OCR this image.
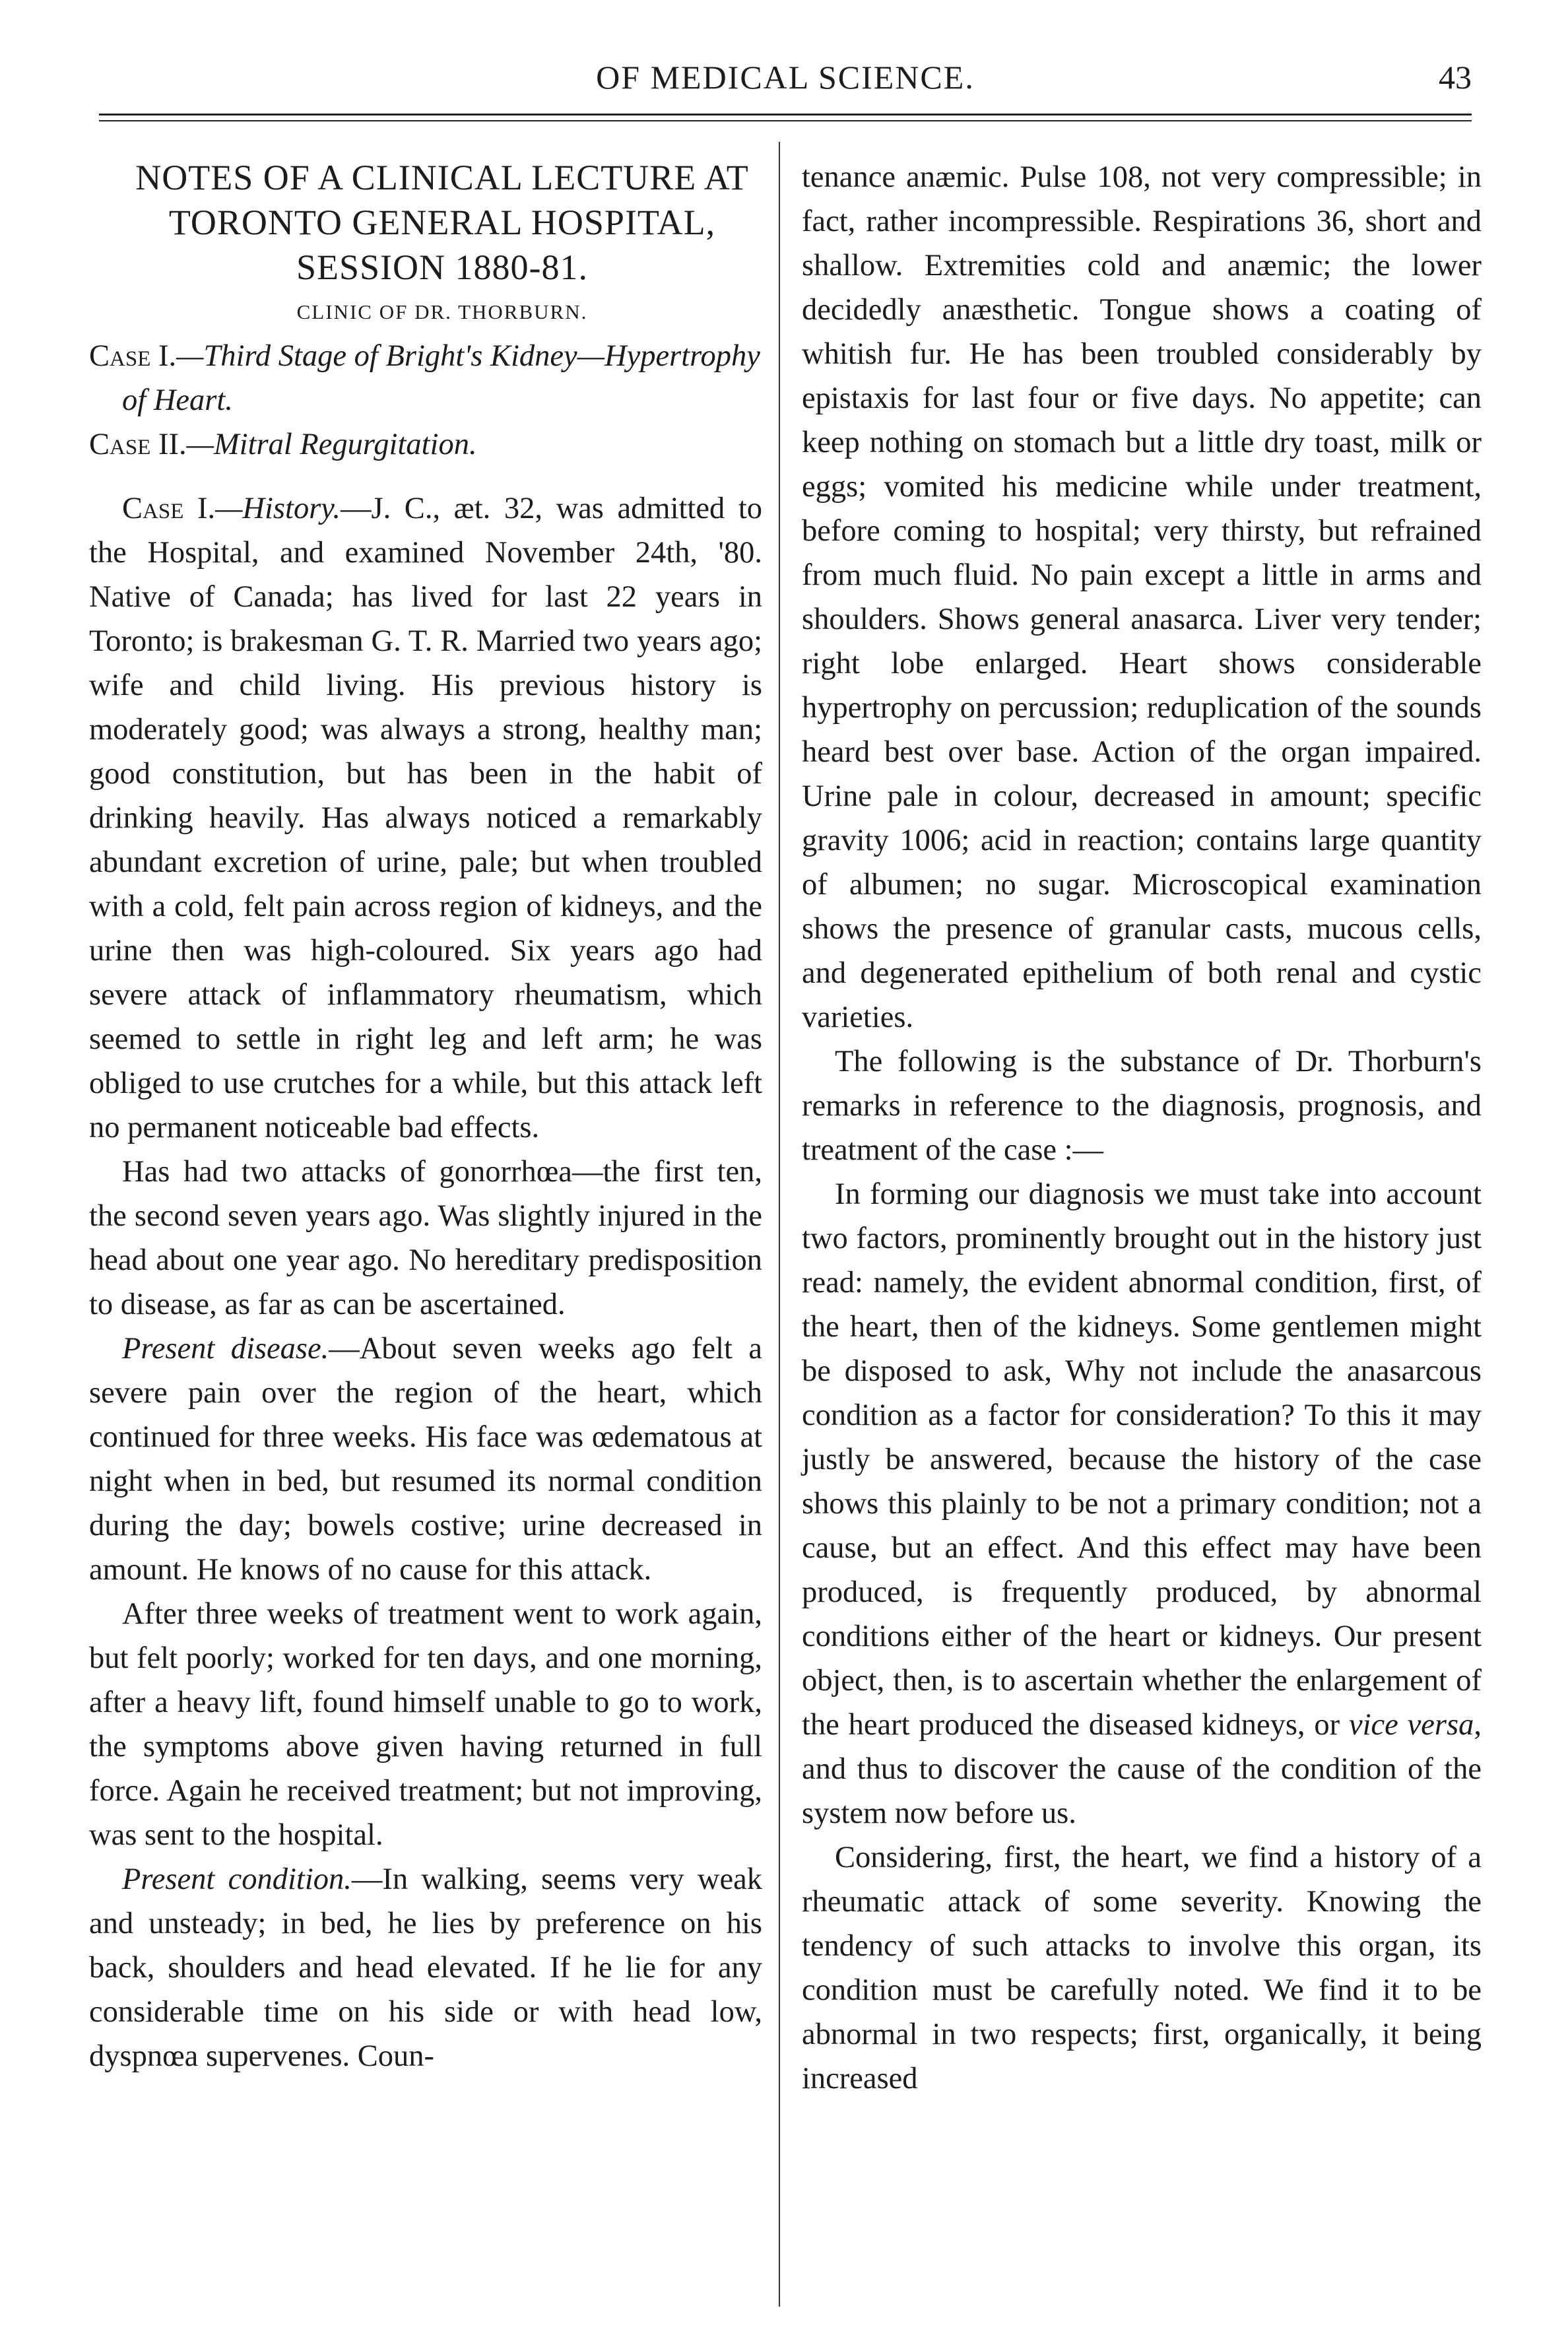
OF MEDICAL SCIENCE.	43

NOTES OF A CLINICAL LECTURE AT

TORONTO GENERAL HOSPITAL,

SESSION 1880-81.

CLINIC OF DR. THORBURN.

Case I.—Third Stage of Bright's Kidney—Hypertrophy of Heart.

Case II.—Mitral Regurgitation.

Case I.—History.—J. C., æt. 32, was admitted to the Hospital, and examined November 24th, '80. Native of Canada; has lived for last 22 years in Toronto; is brakesman G. T. R. Married two years ago; wife and child living. His previous history is moderately good; was always a strong, healthy man; good constitution, but has been in the habit of drinking heavily. Has always noticed a remarkably abundant excretion of urine, pale; but when troubled with a cold, felt pain across region of kidneys, and the urine then was high-coloured. Six years ago had severe attack of inflammatory rheumatism, which seemed to settle in right leg and left arm; he was obliged to use crutches for a while, but this attack left no permanent noticeable bad effects.

Has had two attacks of gonorrhœa—the first ten, the second seven years ago. Was slightly injured in the head about one year ago. No hereditary predisposition to disease, as far as can be ascertained.

Present disease.—About seven weeks ago felt a severe pain over the region of the heart, which continued for three weeks. His face was œdematous at night when in bed, but resumed its normal condition during the day; bowels costive; urine decreased in amount. He knows of no cause for this attack.

After three weeks of treatment went to work again, but felt poorly; worked for ten days, and one morning, after a heavy lift, found himself unable to go to work, the symptoms above given having returned in full force. Again he received treatment; but not improving, was sent to the hospital.

Present condition.—In walking, seems very weak and unsteady; in bed, he lies by preference on his back, shoulders and head elevated. If he lie for any considerable time on his side or with head low, dyspnœa supervenes. Coun-

tenance anæmic. Pulse 108, not very compressible; in fact, rather incompressible. Respirations 36, short and shallow. Extremities cold and anæmic; the lower decidedly anæsthetic. Tongue shows a coating of whitish fur. He has been troubled considerably by epistaxis for last four or five days. No appetite; can keep nothing on stomach but a little dry toast, milk or eggs; vomited his medicine while under treatment, before coming to hospital; very thirsty, but refrained from much fluid. No pain except a little in arms and shoulders. Shows general anasarca. Liver very tender; right lobe enlarged. Heart shows considerable hypertrophy on percussion; reduplication of the sounds heard best over base. Action of the organ impaired. Urine pale in colour, decreased in amount; specific gravity 1006; acid in reaction; contains large quantity of albumen; no sugar. Microscopical examination shows the presence of granular casts, mucous cells, and degenerated epithelium of both renal and cystic varieties.

The following is the substance of Dr. Thorburn's remarks in reference to the diagnosis, prognosis, and treatment of the case :—

In forming our diagnosis we must take into account two factors, prominently brought out in the history just read: namely, the evident abnormal condition, first, of the heart, then of the kidneys. Some gentlemen might be disposed to ask, Why not include the anasarcous condition as a factor for consideration? To this it may justly be answered, because the history of the case shows this plainly to be not a primary condition; not a cause, but an effect. And this effect may have been produced, is frequently produced, by abnormal conditions either of the heart or kidneys. Our present object, then, is to ascertain whether the enlargement of the heart produced the diseased kidneys, or vice versa, and thus to discover the cause of the condition of the system now before us.

Considering, first, the heart, we find a history of a rheumatic attack of some severity. Knowing the tendency of such attacks to involve this organ, its condition must be carefully noted. We find it to be abnormal in two respects; first, organically, it being increased
